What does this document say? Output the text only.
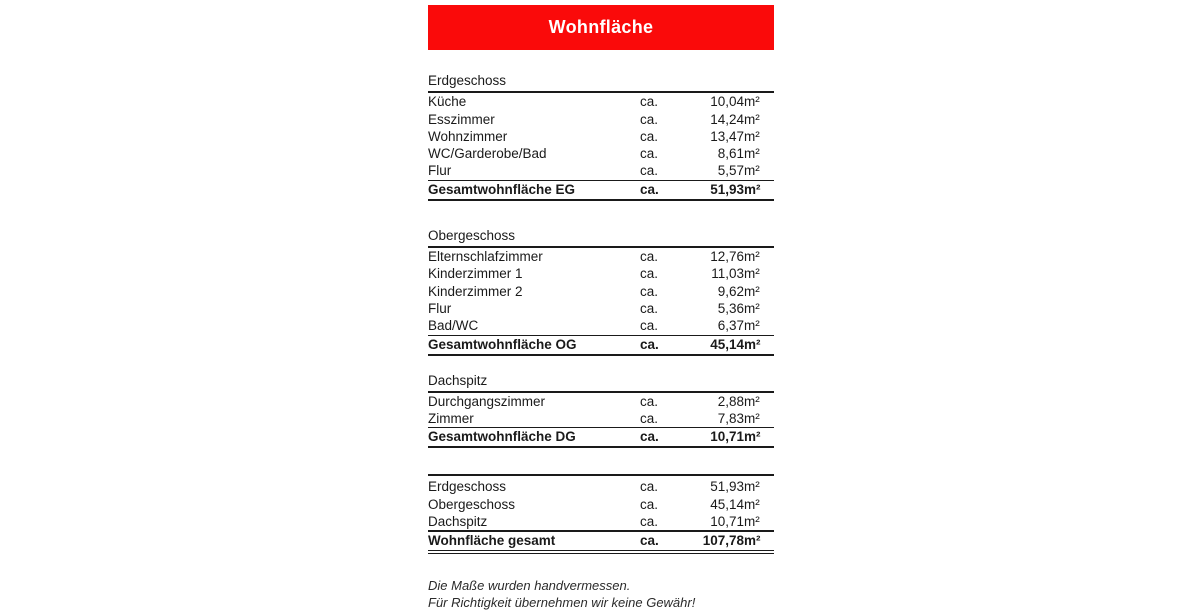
Wohnfläche
Erdgeschoss			
Küche	ca.	10,04	m²
Esszimmer	ca.	14,24	m²
Wohnzimmer	ca.	13,47	m²
WC/Garderobe/Bad	ca.	8,61	m²
Flur	ca.	5,57	m²
Gesamtwohnfläche EG	ca.	51,93	m²
Obergeschoss			
Elternschlafzimmer	ca.	12,76	m²
Kinderzimmer 1	ca.	11,03	m²
Kinderzimmer 2	ca.	9,62	m²
Flur	ca.	5,36	m²
Bad/WC	ca.	6,37	m²
Gesamtwohnfläche OG	ca.	45,14	m²
Dachspitz			
Durchgangszimmer	ca.	2,88	m²
Zimmer	ca.	7,83	m²
Gesamtwohnfläche DG	ca.	10,71	m²
Erdgeschoss	ca.	51,93	m²
Obergeschoss	ca.	45,14	m²
Dachspitz	ca.	10,71	m²
Wohnfläche gesamt	ca.	107,78	m²
Die Maße wurden handvermessen.
Für Richtigkeit übernehmen wir keine Gewähr!
